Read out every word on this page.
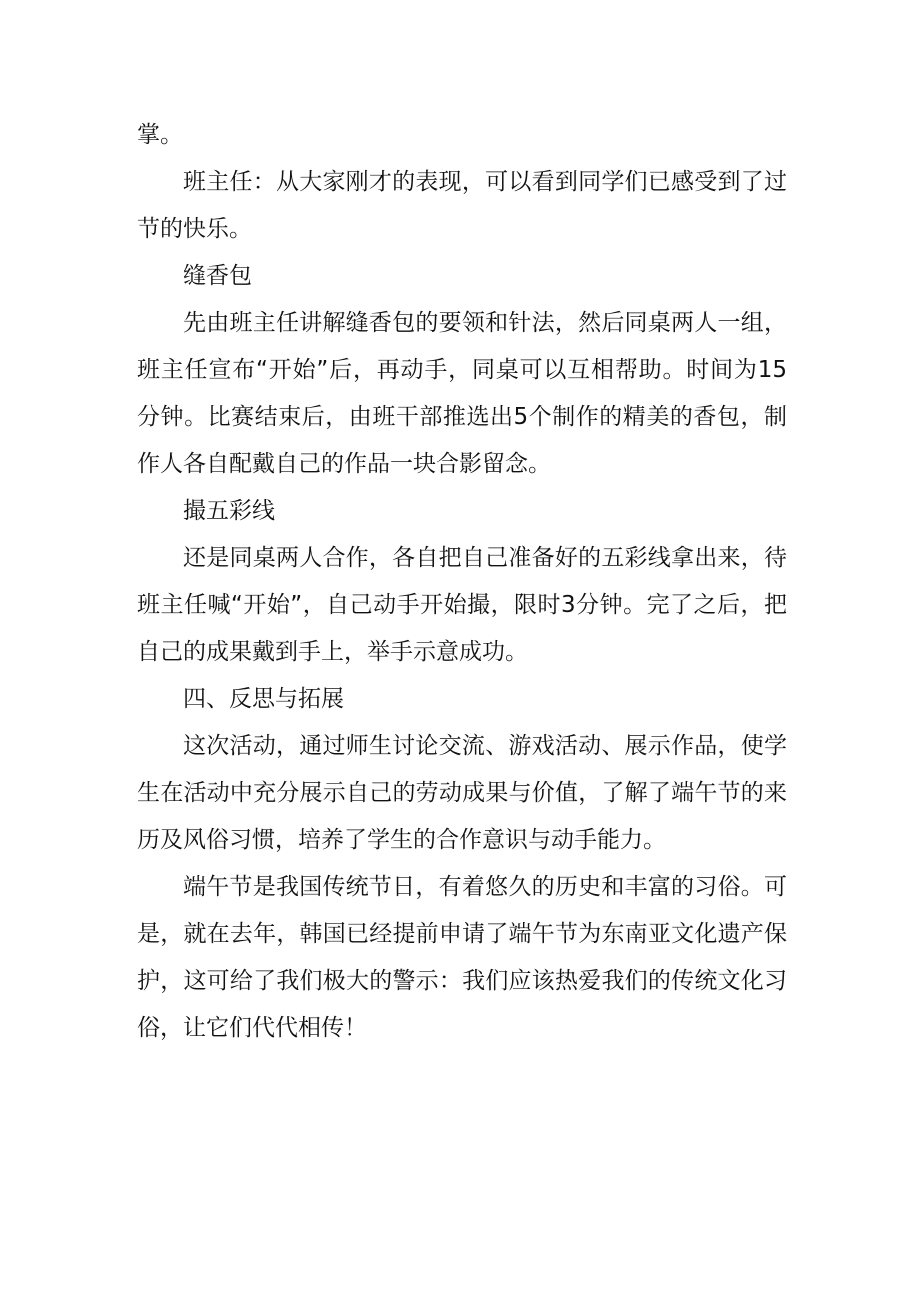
掌。

班主任：从大家刚才的表现，可以看到同学们已感受到了过节的快乐。

缝香包

先由班主任讲解缝香包的要领和针法，然后同桌两人一组，班主任宣布“开始”后，再动手，同桌可以互相帮助。时间为15分钟。比赛结束后，由班干部推选出5个制作的精美的香包，制作人各自配戴自己的作品一块合影留念。

撮五彩线

还是同桌两人合作，各自把自己准备好的五彩线拿出来，待班主任喊“开始”，自己动手开始撮，限时3分钟。完了之后，把自己的成果戴到手上，举手示意成功。

四、反思与拓展

这次活动，通过师生讨论交流、游戏活动、展示作品，使学生在活动中充分展示自己的劳动成果与价值，了解了端午节的来历及风俗习惯，培养了学生的合作意识与动手能力。

端午节是我国传统节日，有着悠久的历史和丰富的习俗。可是，就在去年，韩国已经提前申请了端午节为东南亚文化遗产保护，这可给了我们极大的警示：我们应该热爱我们的传统文化习俗，让它们代代相传！
